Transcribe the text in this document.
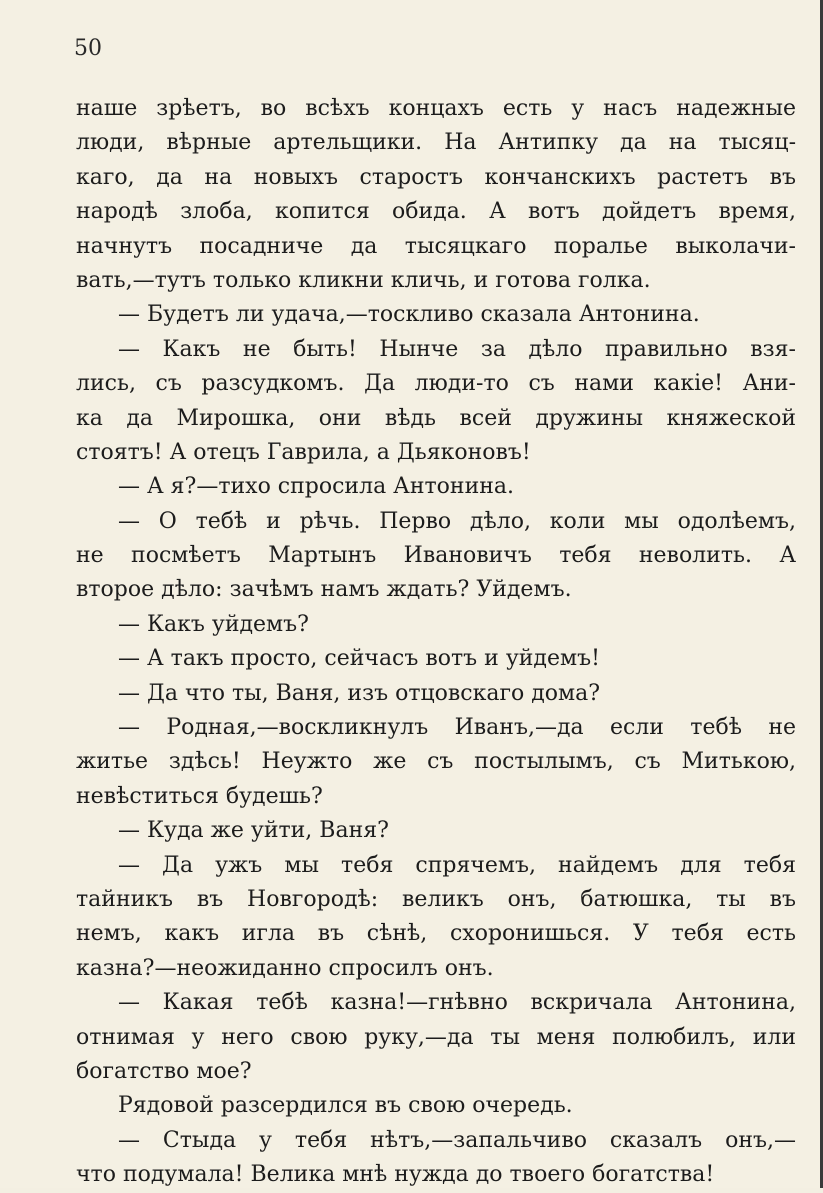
50

наше зрѣетъ, во всѣхъ концахъ есть у насъ надежные
люди, вѣрные артельщики. На Антипку да на тысяц-
каго, да на новыхъ старостъ кончанскихъ растетъ въ
народѣ злоба, копится обида. А вотъ дойдетъ время,
начнутъ посадниче да тысяцкаго поралье выколачи-
вать,—тутъ только кликни кличь, и готова голка.
— Будетъ ли удача,—тоскливо сказала Антонина.
— Какъ не быть! Нынче за дѣло правильно взя-
лись, съ разсудкомъ. Да люди-то съ нами какіе! Ани-
ка да Мирошка, они вѣдь всей дружины княжеской
стоятъ! А отецъ Гаврила, а Дьяконовъ!
— А я?—тихо спросила Антонина.
— О тебѣ и рѣчь. Перво дѣло, коли мы одолѣемъ,
не посмѣетъ Мартынъ Ивановичъ тебя неволить. А
второе дѣло: зачѣмъ намъ ждать? Уйдемъ.
— Какъ уйдемъ?
— А такъ просто, сейчасъ вотъ и уйдемъ!
— Да что ты, Ваня, изъ отцовскаго дома?
— Родная,—воскликнулъ Иванъ,—да если тебѣ не
житье здѣсь! Неужто же съ постылымъ, съ Митькою,
невѣститься будешь?
— Куда же уйти, Ваня?
— Да ужъ мы тебя спрячемъ, найдемъ для тебя
тайникъ въ Новгородѣ: великъ онъ, батюшка, ты въ
немъ, какъ игла въ сѣнѣ, схоронишься. У тебя есть
казна?—неожиданно спросилъ онъ.
— Какая тебѣ казна!—гнѣвно вскричала Антонина,
отнимая у него свою руку,—да ты меня полюбилъ, или
богатство мое?
Рядовой разсердился въ свою очередь.
— Стыда у тебя нѣтъ,—запальчиво сказалъ онъ,—
что подумала! Велика мнѣ нужда до твоего богатства!
